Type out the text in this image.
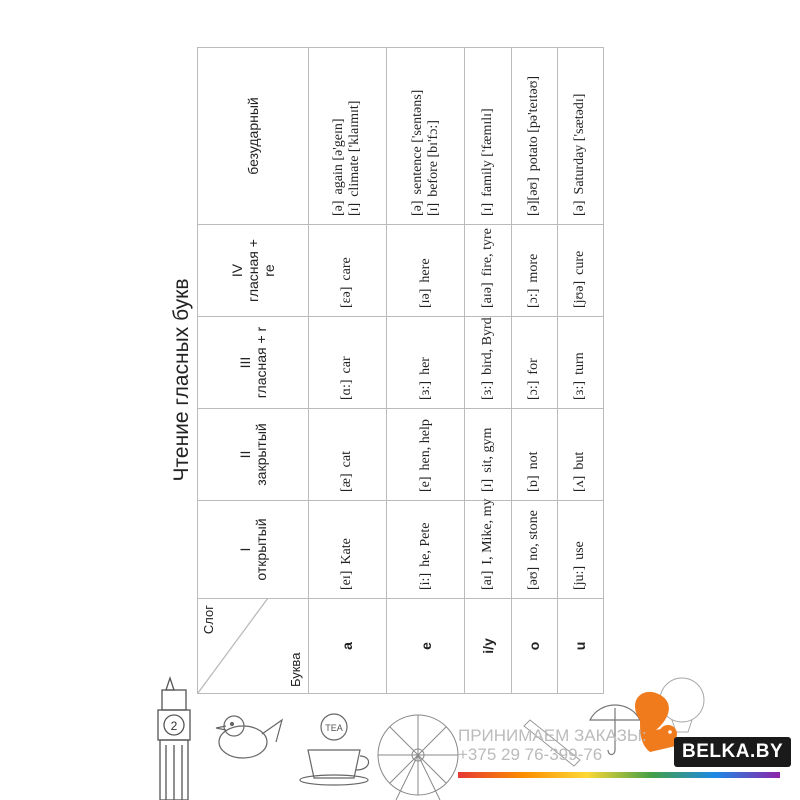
Чтение гласных букв
Слог
Буква	I открытый	II закрытый	III гласная + r	IV гласная + re	безударный

a	[eɪ]Kate	[æ]cat	[ɑ:]car	[ɛə]care	[ə]again [ə'geɪn]
[ɪ]climate ['klaɪmɪt]

e	[i:]he, Pete	[e]hen, help	[ɜ:]her	[ɪə]here	[ə]sentence ['sentəns]
[ɪ]before [bɪ'fɔ:]

i/y	[aɪ]I, Mike, my	[ɪ]sit, gym	[ɜ:]bird, Byrd	[aɪə]fire, tyre	[ɪ]family ['fæmɪlɪ]

o	[əʊ]no, stone	[ɒ]not	[ɔ:]for	[ɔ:]more	[ə][əʊ]potato [pə'teɪtəʊ]

u	[ju:]use	[ʌ]but	[ɜ:]turn	[jʊə]cure	[ə]Saturday ['sætədɪ]
2	TEA	ПРИНИМАЕМ ЗАКАЗЫ:
+375 29 76-399-76	BELKA.BY
